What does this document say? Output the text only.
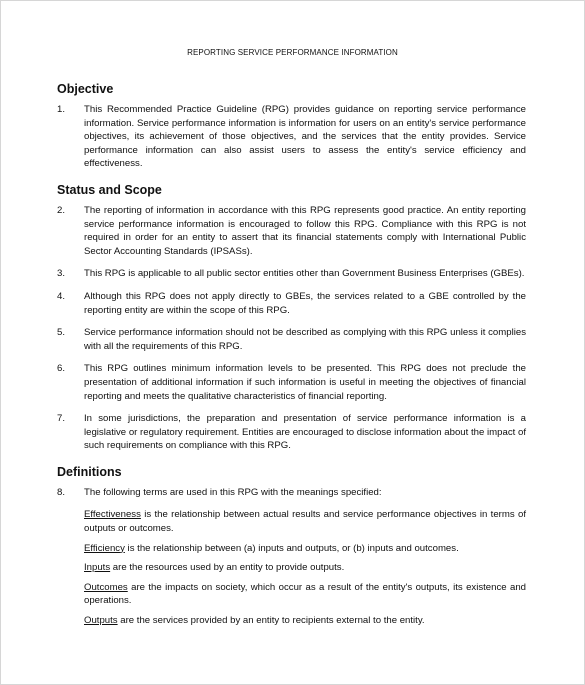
REPORTING SERVICE PERFORMANCE INFORMATION
Objective
1.	This Recommended Practice Guideline (RPG) provides guidance on reporting service performance information. Service performance information is information for users on an entity's service performance objectives, its achievement of those objectives, and the services that the entity provides. Service performance information can also assist users to assess the entity's service efficiency and effectiveness.
Status and Scope
2.	The reporting of information in accordance with this RPG represents good practice. An entity reporting service performance information is encouraged to follow this RPG. Compliance with this RPG is not required in order for an entity to assert that its financial statements comply with International Public Sector Accounting Standards (IPSASs).
3.	This RPG is applicable to all public sector entities other than Government Business Enterprises (GBEs).
4.	Although this RPG does not apply directly to GBEs, the services related to a GBE controlled by the reporting entity are within the scope of this RPG.
5.	Service performance information should not be described as complying with this RPG unless it complies with all the requirements of this RPG.
6.	This RPG outlines minimum information levels to be presented. This RPG does not preclude the presentation of additional information if such information is useful in meeting the objectives of financial reporting and meets the qualitative characteristics of financial reporting.
7.	In some jurisdictions, the preparation and presentation of service performance information is a legislative or regulatory requirement. Entities are encouraged to disclose information about the impact of such requirements on compliance with this RPG.
Definitions
8.	The following terms are used in this RPG with the meanings specified:
Effectiveness is the relationship between actual results and service performance objectives in terms of outputs or outcomes.
Efficiency is the relationship between (a) inputs and outputs, or (b) inputs and outcomes.
Inputs are the resources used by an entity to provide outputs.
Outcomes are the impacts on society, which occur as a result of the entity's outputs, its existence and operations.
Outputs are the services provided by an entity to recipients external to the entity.
